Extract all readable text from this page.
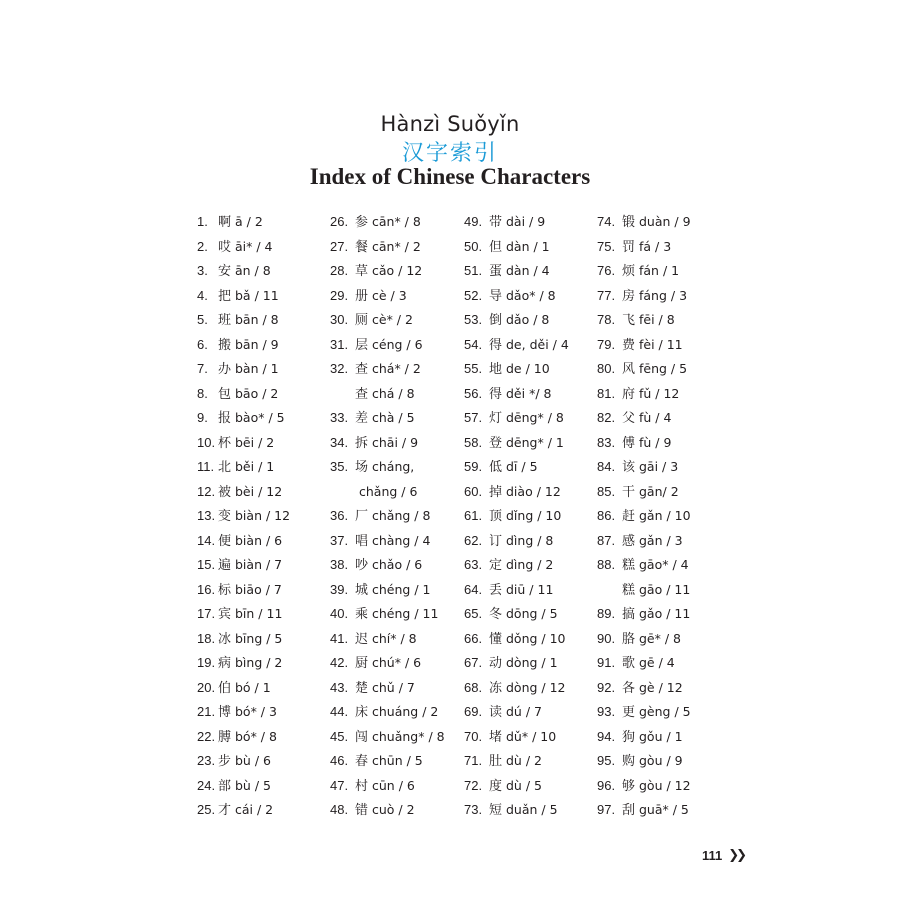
Hànzì Suǒyǐn
汉字索引
Index of Chinese Characters
1. 啊 ā / 2
2. 哎 āi* / 4
3. 安 ān / 8
4. 把 bǎ / 11
5. 班 bān / 8
6. 搬 bān / 9
7. 办 bàn / 1
8. 包 bāo / 2
9. 报 bào* / 5
10. 杯 bēi / 2
11. 北 běi / 1
12. 被 bèi / 12
13. 变 biàn / 12
14. 便 biàn / 6
15. 遍 biàn / 7
16. 标 biāo / 7
17. 宾 bīn / 11
18. 冰 bīng / 5
19. 病 bìng / 2
20. 伯 bó / 1
21. 博 bó* / 3
22. 膊 bó* / 8
23. 步 bù / 6
24. 部 bù / 5
25. 才 cái / 2
26. 参 cān* / 8
27. 餐 cān* / 2
28. 草 cǎo / 12
29. 册 cè / 3
30. 厕 cè* / 2
31. 层 céng / 6
32. 查 chá* / 2
查 chá / 8
33. 差 chà / 5
34. 拆 chāi / 9
35. 场 cháng,
chǎng / 6
36. 厂 chǎng / 8
37. 唱 chàng / 4
38. 吵 chǎo / 6
39. 城 chéng / 1
40. 乘 chéng / 11
41. 迟 chí* / 8
42. 厨 chú* / 6
43. 楚 chǔ / 7
44. 床 chuáng / 2
45. 闯 chuǎng* / 8
46. 春 chūn / 5
47. 村 cūn / 6
48. 错 cuò / 2
49. 带 dài / 9
50. 但 dàn / 1
51. 蛋 dàn / 4
52. 导 dǎo* / 8
53. 倒 dǎo / 8
54. 得 de, děi / 4
55. 地 de / 10
56. 得 děi */ 8
57. 灯 dēng* / 8
58. 登 dēng* / 1
59. 低 dī / 5
60. 掉 diào / 12
61. 顶 dǐng / 10
62. 订 dìng / 8
63. 定 dìng / 2
64. 丢 diū / 11
65. 冬 dōng / 5
66. 懂 dǒng / 10
67. 动 dòng / 1
68. 冻 dòng / 12
69. 读 dú / 7
70. 堵 dǔ* / 10
71. 肚 dù / 2
72. 度 dù / 5
73. 短 duǎn / 5
74. 锻 duàn / 9
75. 罚 fá / 3
76. 烦 fán / 1
77. 房 fáng / 3
78. 飞 fēi / 8
79. 费 fèi / 11
80. 风 fēng / 5
81. 府 fǔ / 12
82. 父 fù / 4
83. 傅 fù / 9
84. 该 gāi / 3
85. 干 gān/ 2
86. 赶 gǎn / 10
87. 感 gǎn / 3
88. 糕 gāo* / 4
糕 gāo / 11
89. 搞 gǎo / 11
90. 胳 gē* / 8
91. 歌 gē / 4
92. 各 gè / 12
93. 更 gèng / 5
94. 狗 gǒu / 1
95. 购 gòu / 9
96. 够 gòu / 12
97. 刮 guā* / 5
111 ❯❯
